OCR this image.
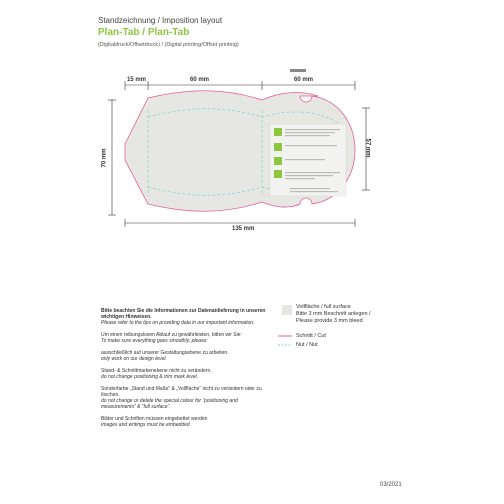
Standzeichnung / Imposition layout
Plan-Tab / Plan-Tab
(Digitaldruck/Offsetdruck) / (Digital printing/Offset printing)
15 mm	60 mm	60 mm
70 mm
57 mm
135 mm
Bitte beachten Sie die Informationen zur Datenanlieferung in unseren wichtigen Hinweisen.
Please refer to the tips on providing data in our important information.
Um einen reibungslosen Ablauf zu gewährleisten, bitten wir Sie:
To make sure everything goes smoothly, please:
ausschließlich auf unserer Gestaltungsebene zu arbeiten.
only work on our design level.
Stand- & Schnittmarkenebene nicht zu verändern.
do not change positioning & trim mark level.
Sonderfarbe „Stand und Maße“ & „Vollfläche“ nicht zu verändern oder zu löschen.
do not change or delete the special colour for “positioning and measurements” & “full surface”.
Bilder und Schriften müssen eingebettet werden
Images and writings must be embedded
Vollfläche / full surface
Bitte 3 mm Beschnitt anlegen /
Please provide 3 mm bleed
Schnitt / Cut
Nut / Nut
03/2021
